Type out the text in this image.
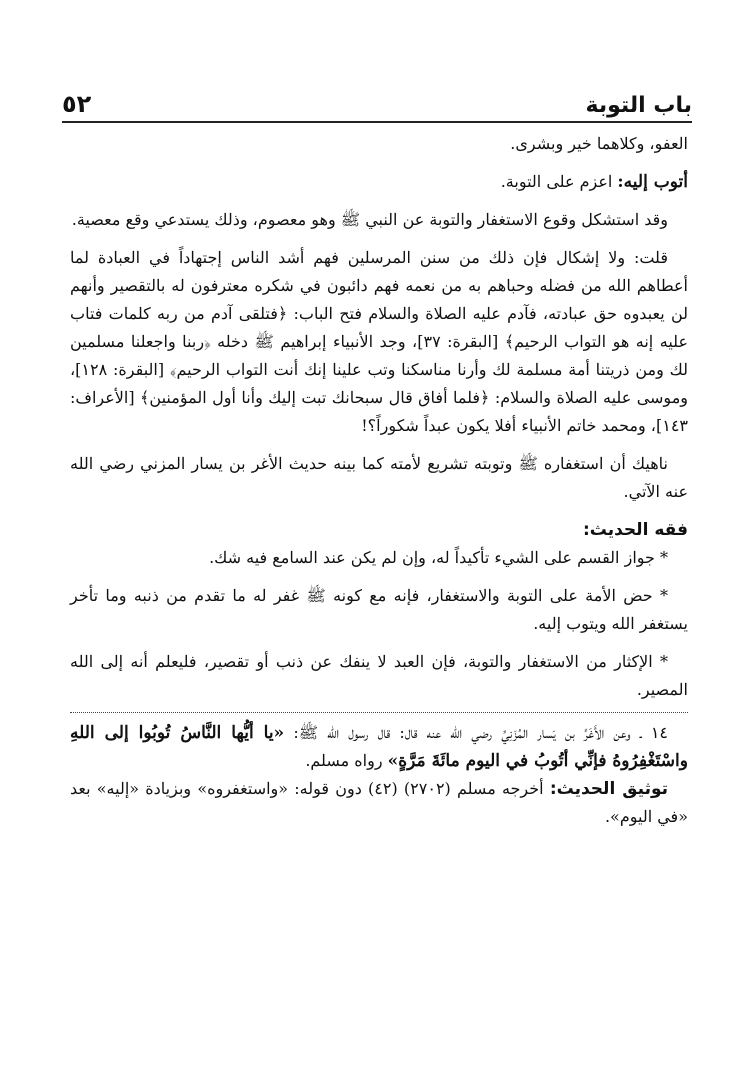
٥٢	باب التوبة

العفو، وكلاهما خير وبشرى.

أتوب إليه: اعزم على التوبة.

وقد استشكل وقوع الاستغفار والتوبة عن النبي ﷺ وهو معصوم، وذلك يستدعي وقع معصية.

قلت: ولا إشكال فإن ذلك من سنن المرسلين فهم أشد الناس إجتهاداً في العبادة لما أعطاهم الله من فضله وحباهم به من نعمه فهم دائبون في شكره معترفون له بالتقصير وأنهم لن يعبدوه حق عبادته، فآدم عليه الصلاة والسلام فتح الباب: ﴿فتلقى آدم من ربه كلمات فتاب عليه إنه هو التواب الرحيم﴾ [البقرة: ٣٧]، وجد الأنبياء إبراهيم ﷺ دخله ﴿ربنا واجعلنا مسلمين لك ومن ذريتنا أمة مسلمة لك وأرنا مناسكنا وتب علينا إنك أنت التواب الرحيم﴾ [البقرة: ١٢٨]، وموسى عليه الصلاة والسلام: ﴿فلما أفاق قال سبحانك تبت إليك وأنا أول المؤمنين﴾ [الأعراف: ١٤٣]، ومحمد خاتم الأنبياء أفلا يكون عبداً شكوراً؟!

ناهيك أن استغفاره ﷺ وتوبته تشريع لأمته كما بينه حديث الأغر بن يسار المزني رضي الله عنه الآتي.

فقه الحديث:

* جواز القسم على الشيء تأكيداً له، وإن لم يكن عند السامع فيه شك.

* حض الأمة على التوبة والاستغفار، فإنه مع كونه ﷺ غفر له ما تقدم من ذنبه وما تأخر يستغفر الله ويتوب إليه.

* الإكثار من الاستغفار والتوبة، فإن العبد لا ينفك عن ذنب أو تقصير، فليعلم أنه إلى الله المصير.

١٤ ـ وعن الأَغَرِّ بن يَسار المُزَنِيِّ رضي الله عنه قال: قال رسول الله ﷺ: «يا أيُّها النَّاسُ تُوبُوا إلى اللهِ واسْتَغْفِرُوهُ فإنِّي أتُوبُ في اليوم مائَةَ مَرَّةٍ» رواه مسلم.

توثيق الحديث: أخرجه مسلم (٢٧٠٢) (٤٢) دون قوله: «واستغفروه» وبزيادة «إليه» بعد «في اليوم».
